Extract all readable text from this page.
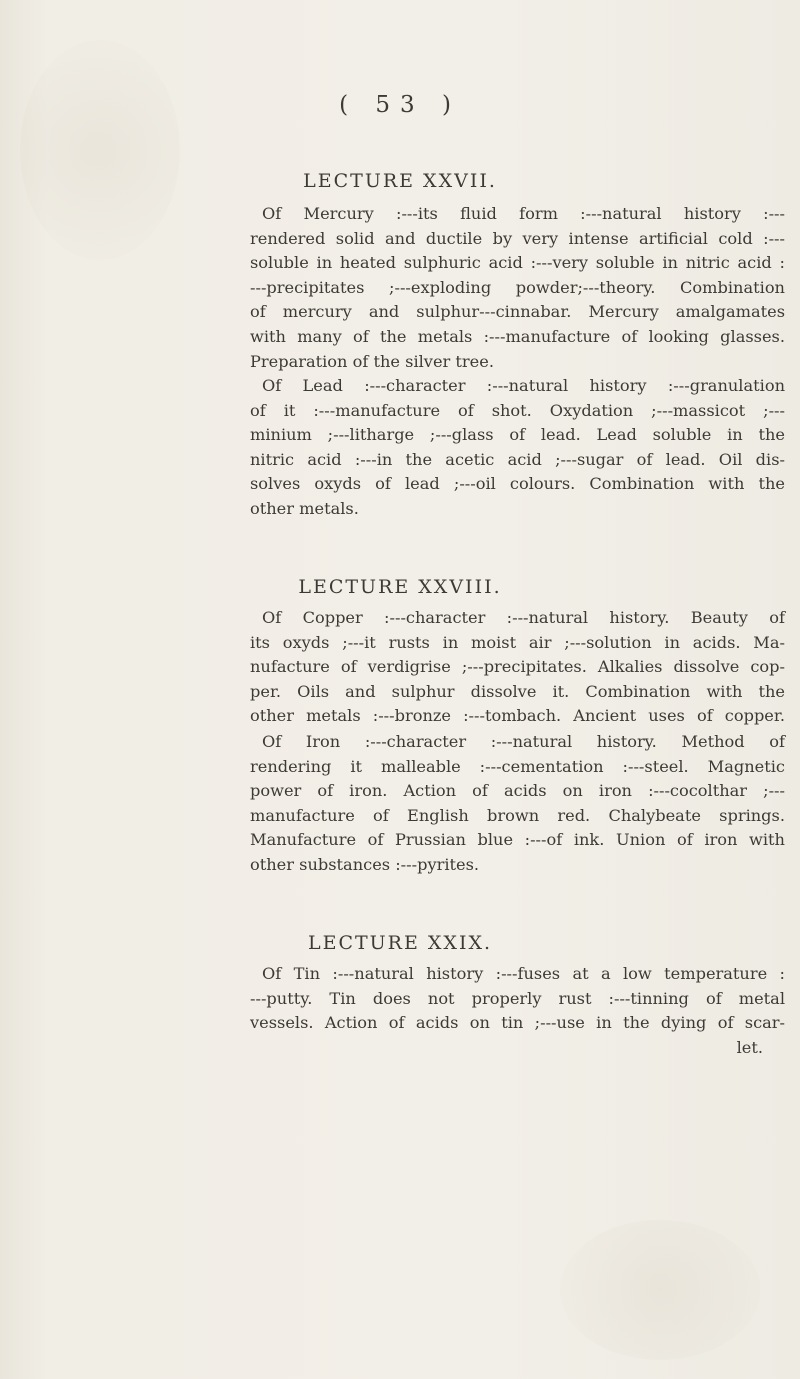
( 53 )
LECTURE XXVII.
Of Mercury :---its fluid form :---natural history :---
rendered solid and ductile by very intense artificial cold :---
soluble in heated sulphuric acid :---very soluble in nitric acid :
---precipitates ;---exploding powder;---theory. Combination
of mercury and sulphur---cinnabar. Mercury amalgamates
with many of the metals :---manufacture of looking glasses.
Preparation of the silver tree.
Of Lead :---character :---natural history :---granulation
of it :---manufacture of shot. Oxydation ;---massicot ;---
minium ;---litharge ;---glass of lead. Lead soluble in the
nitric acid :---in the acetic acid ;---sugar of lead. Oil dis-
solves oxyds of lead ;---oil colours. Combination with the
other metals.
LECTURE XXVIII.
Of Copper :---character :---natural history. Beauty of
its oxyds ;---it rusts in moist air ;---solution in acids. Ma-
nufacture of verdigrise ;---precipitates. Alkalies dissolve cop-
per. Oils and sulphur dissolve it. Combination with the
other metals :---bronze :---tombach. Ancient uses of copper.
Of Iron :---character :---natural history. Method of
rendering it malleable :---cementation :---steel. Magnetic
power of iron. Action of acids on iron :---cocolthar ;---
manufacture of English brown red. Chalybeate springs.
Manufacture of Prussian blue :---of ink. Union of iron with
other substances :---pyrites.
LECTURE XXIX.
Of Tin :---natural history :---fuses at a low temperature :
---putty. Tin does not properly rust :---tinning of metal
vessels. Action of acids on tin ;---use in the dying of scar-
let.
